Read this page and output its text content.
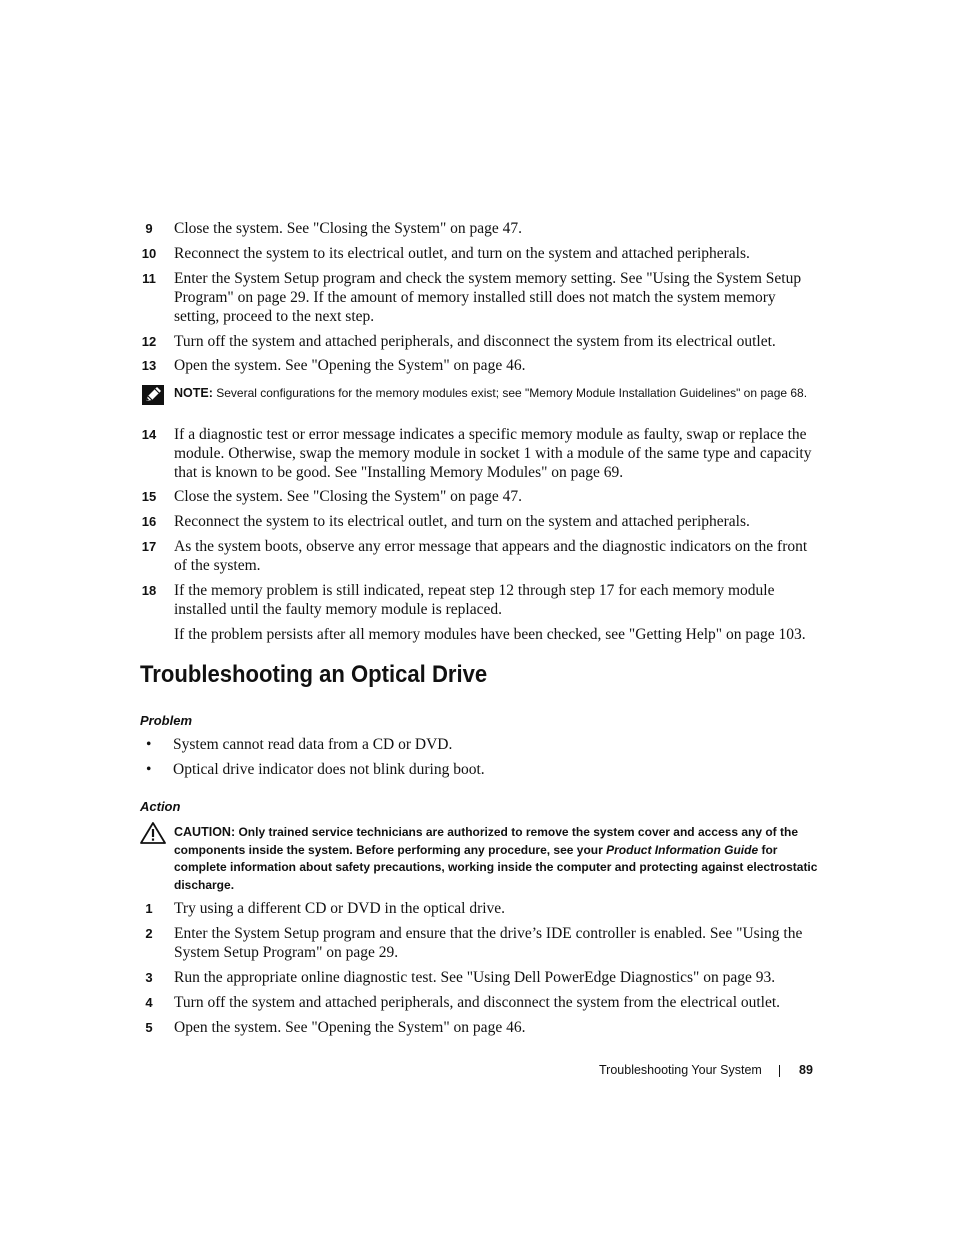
9	Close the system. See "Closing the System" on page 47.
10 Reconnect the system to its electrical outlet, and turn on the system and attached peripherals.
11 Enter the System Setup program and check the system memory setting. See "Using the System Setup Program" on page 29. If the amount of memory installed still does not match the system memory setting, proceed to the next step.
12 Turn off the system and attached peripherals, and disconnect the system from its electrical outlet.
13 Open the system. See "Opening the System" on page 46.
NOTE: Several configurations for the memory modules exist; see "Memory Module Installation Guidelines" on page 68.
14 If a diagnostic test or error message indicates a specific memory module as faulty, swap or replace the module. Otherwise, swap the memory module in socket 1 with a module of the same type and capacity that is known to be good. See "Installing Memory Modules" on page 69.
15 Close the system. See "Closing the System" on page 47.
16 Reconnect the system to its electrical outlet, and turn on the system and attached peripherals.
17 As the system boots, observe any error message that appears and the diagnostic indicators on the front of the system.
18 If the memory problem is still indicated, repeat step 12 through step 17 for each memory module installed until the faulty memory module is replaced.
If the problem persists after all memory modules have been checked, see "Getting Help" on page 103.
Troubleshooting an Optical Drive
Problem
• System cannot read data from a CD or DVD.
• Optical drive indicator does not blink during boot.
Action
CAUTION: Only trained service technicians are authorized to remove the system cover and access any of the components inside the system. Before performing any procedure, see your Product Information Guide for complete information about safety precautions, working inside the computer and protecting against electrostatic discharge.
1	Try using a different CD or DVD in the optical drive.
2	Enter the System Setup program and ensure that the drive’s IDE controller is enabled. See "Using the System Setup Program" on page 29.
3	Run the appropriate online diagnostic test. See "Using Dell PowerEdge Diagnostics" on page 93.
4	Turn off the system and attached peripherals, and disconnect the system from the electrical outlet.
5	Open the system. See "Opening the System" on page 46.
Troubleshooting Your System	89
